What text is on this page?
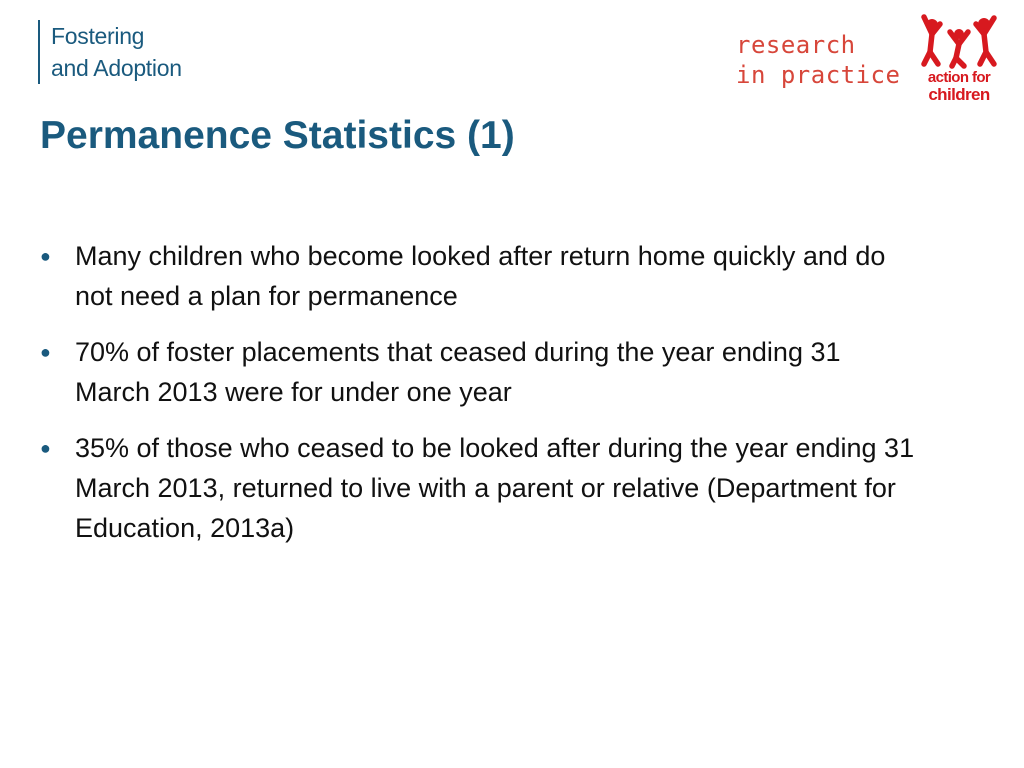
Fostering
and Adoption
research
in practice	action for
children
Permanence Statistics (1)
● Many children who become looked after return home quickly and do not need a plan for permanence
● 70% of foster placements that ceased during the year ending 31 March 2013 were for under one year
● 35% of those who ceased to be looked after during the year ending 31 March 2013, returned to live with a parent or relative (Department for Education, 2013a)
